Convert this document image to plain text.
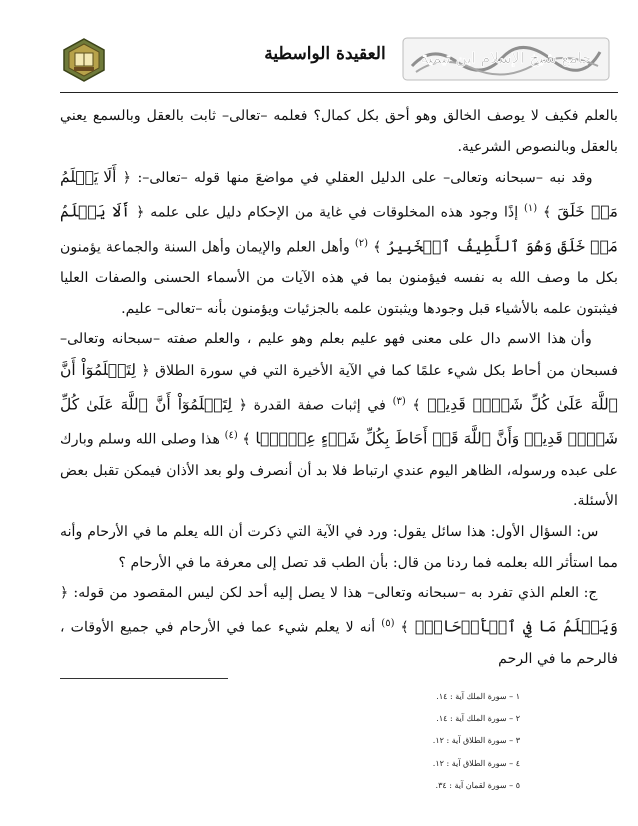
العقيدة الواسطية	جامع شيخ الإسلام ابن تيمية

بالعلم فكيف لا يوصف الخالق وهو أحق بكل كمال؟ فعلمه –تعالى– ثابت بالعقل وبالسمع يعني بالعقل وبالنصوص الشرعية.

وقد نبه –سبحانه وتعالى– على الدليل العقلي في مواضعَ منها قوله –تعالى–: ﴿ أَلَا يَعۡلَمُ مَنۡ خَلَقَ ﴾ $^{(١)}$ إذًا وجود هذه المخلوقات في غاية من الإحكام دليل على علمه ﴿ أَلَا يَعۡلَمُ مَنۡ خَلَقَ وَهُوَ ٱللَّطِيفُ ٱلۡخَبِيرُ ﴾ $^{(٢)}$ وأهل العلم والإيمان وأهل السنة والجماعة يؤمنون بكل ما وصف الله به نفسه فيؤمنون بما في هذه الآيات من الأسماء الحسنى والصفات العليا فيثبتون علمه بالأشياء قبل وجودها ويثبتون علمه بالجزئيات ويؤمنون بأنه –تعالى– عليم.

وأن هذا الاسم دال على معنى فهو عليم بعلم وهو عليم ، والعلم صفته –سبحانه وتعالى– فسبحان من أحاط بكل شيء علمًا كما في الآية الأخيرة التي في سورة الطلاق ﴿ لِتَعۡلَمُوٓاْ أَنَّ ٱللَّهَ عَلَىٰ كُلِّ شَيۡءٖ قَدِيرٞ ﴾ $^{(٣)}$ في إثبات صفة القدرة ﴿ لِتَعۡلَمُوٓاْ أَنَّ ٱللَّهَ عَلَىٰ كُلِّ شَيۡءٖ قَدِيرٞ وَأَنَّ ٱللَّهَ قَدۡ أَحَاطَ بِكُلِّ شَيۡءٍ عِلۡمَۢا ﴾ $^{(٤)}$ هذا وصلى الله وسلم وبارك على عبده ورسوله، الظاهر اليوم عندي ارتباط فلا بد أن أنصرف ولو بعد الأذان فيمكن تقبل بعض الأسئلة.

س: السؤال الأول: هذا سائل يقول: ورد في الآية التي ذكرت أن الله يعلم ما في الأرحام وأنه مما استأثر الله بعلمه فما ردنا من قال: بأن الطب قد تصل إلى معرفة ما في الأرحام ؟

ج: العلم الذي تفرد به –سبحانه وتعالى– هذا لا يصل إليه أحد لكن ليس المقصود من قوله: ﴿ وَيَعۡلَمُ مَا فِي ٱلۡأَرۡحَامِۖ ﴾ $^{(٥)}$ أنه لا يعلم شيء عما في الأرحام في جميع الأوقات ، فالرحم ما في الرحم

١ – سورة الملك آية : ١٤.
٢ – سورة الملك آية : ١٤.
٣ – سورة الطلاق آية : ١٢.
٤ – سورة الطلاق آية : ١٢.
٥ – سورة لقمان آية : ٣٤.
